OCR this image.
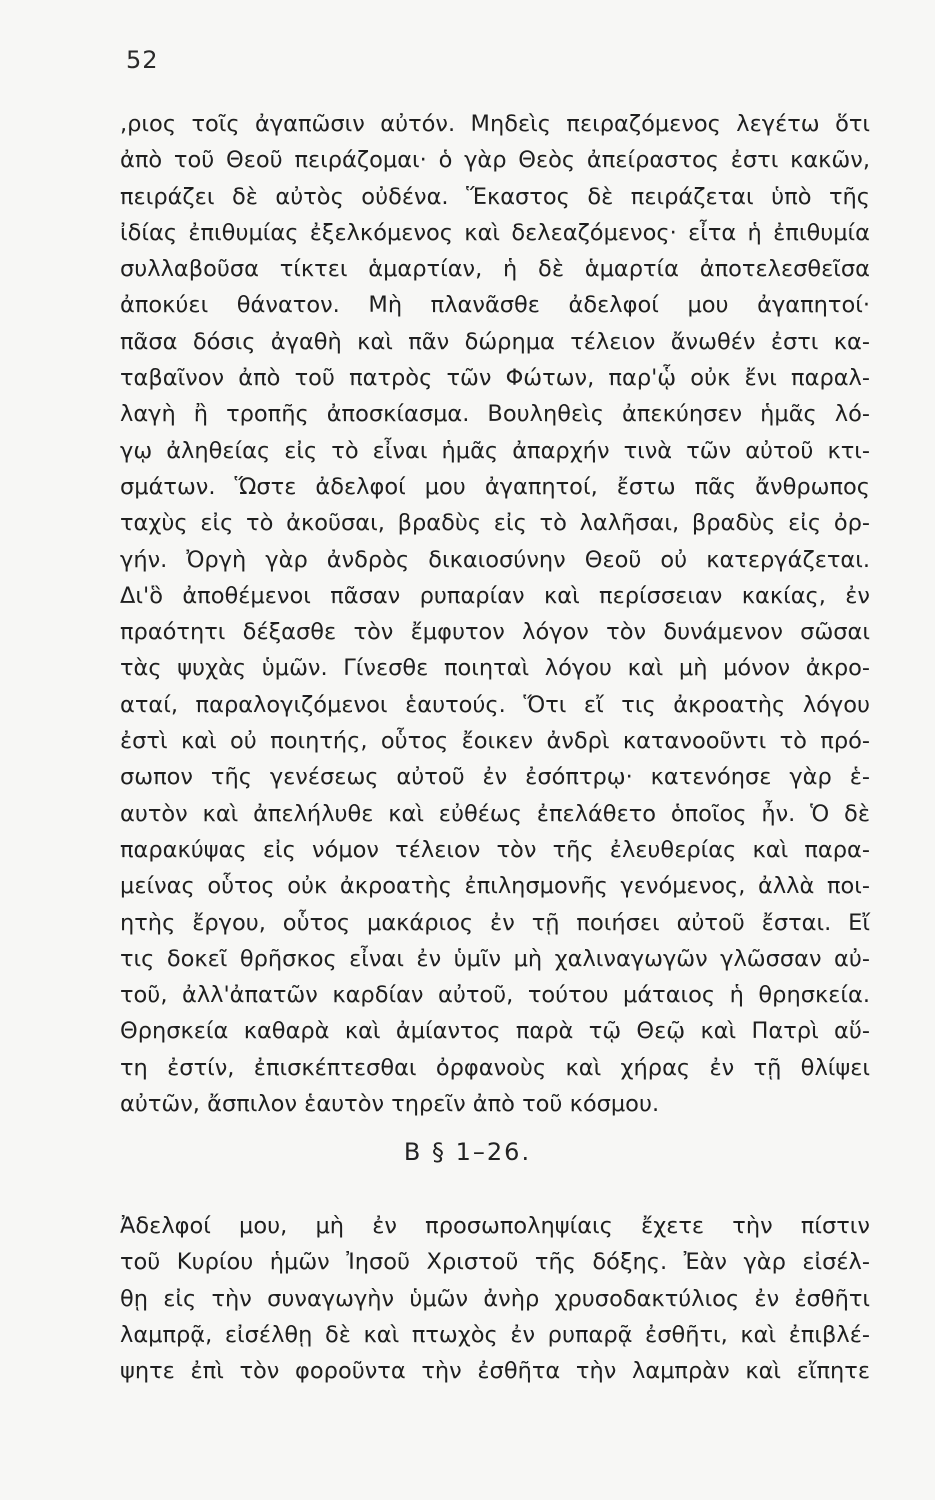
52
,ριος τοῖς ἀγαπῶσιν αὐτόν. Μηδεὶς πειραζόμενος λεγέτω ὅτι
ἀπὸ τοῦ Θεοῦ πειράζομαι· ὁ γὰρ Θεὸς ἀπείραστος ἐστι κακῶν,
πειράζει δὲ αὐτὸς οὐδένα. Ἕκαστος δὲ πειράζεται ὑπὸ τῆς
ἰδίας ἐπιθυμίας ἐξελκόμενος καὶ δελεαζόμενος· εἶτα ἡ ἐπιθυμία
συλλαβοῦσα τίκτει ἁμαρτίαν, ἡ δὲ ἁμαρτία ἀποτελεσθεῖσα
ἀποκύει θάνατον. Μὴ πλανᾶσθε ἀδελφοί μου ἀγαπητοί·
πᾶσα δόσις ἀγαθὴ καὶ πᾶν δώρημα τέλειον ἄνωθέν ἐστι κα-
ταβαῖνον ἀπὸ τοῦ πατρὸς τῶν Φώτων, παρ'ᾧ οὐκ ἔνι παραλ-
λαγὴ ἢ τροπῆς ἀποσκίασμα. Βουληθεὶς ἀπεκύησεν ἡμᾶς λό-
γῳ ἀληθείας εἰς τὸ εἶναι ἡμᾶς ἀπαρχήν τινὰ τῶν αὐτοῦ κτι-
σμάτων. Ὥστε ἀδελφοί μου ἀγαπητοί, ἔστω πᾶς ἄνθρωπος
ταχὺς εἰς τὸ ἀκοῦσαι, βραδὺς εἰς τὸ λαλῆσαι, βραδὺς εἰς ὀρ-
γήν. Ὀργὴ γὰρ ἀνδρὸς δικαιοσύνην Θεοῦ οὐ κατεργάζεται.
Δι'ὃ ἀποθέμενοι πᾶσαν ρυπαρίαν καὶ περίσσειαν κακίας, ἐν
πραότητι δέξασθε τὸν ἔμφυτον λόγον τὸν δυνάμενον σῶσαι
τὰς ψυχὰς ὑμῶν. Γίνεσθε ποιηταὶ λόγου καὶ μὴ μόνον ἀκρο-
αταί, παραλογιζόμενοι ἑαυτούς. Ὅτι εἴ τις ἀκροατὴς λόγου
ἐστὶ καὶ οὐ ποιητής, οὗτος ἔοικεν ἀνδρὶ κατανοοῦντι τὸ πρό-
σωπον τῆς γενέσεως αὐτοῦ ἐν ἐσόπτρῳ· κατενόησε γὰρ ἑ-
αυτὸν καὶ ἀπελήλυθε καὶ εὐθέως ἐπελάθετο ὁποῖος ἦν. Ὁ δὲ
παρακύψας εἰς νόμον τέλειον τὸν τῆς ἐλευθερίας καὶ παρα-
μείνας οὗτος οὐκ ἀκροατὴς ἐπιλησμονῆς γενόμενος, ἀλλὰ ποι-
ητὴς ἔργου, οὗτος μακάριος ἐν τῇ ποιήσει αὐτοῦ ἔσται. Εἴ
τις δοκεῖ θρῆσκος εἶναι ἐν ὑμῖν μὴ χαλιναγωγῶν γλῶσσαν αὐ-
τοῦ, ἀλλ'ἀπατῶν καρδίαν αὐτοῦ, τούτου μάταιος ἡ θρησκεία.
Θρησκεία καθαρὰ καὶ ἀμίαντος παρὰ τῷ Θεῷ καὶ Πατρὶ αὕ-
τη ἐστίν, ἐπισκέπτεσθαι ὀρφανοὺς καὶ χήρας ἐν τῇ θλίψει
αὐτῶν, ἄσπιλον ἑαυτὸν τηρεῖν ἀπὸ τοῦ κόσμου.
Β § 1–26.
Ἀδελφοί μου, μὴ ἐν προσωποληψίαις ἔχετε τὴν πίστιν
τοῦ Κυρίου ἡμῶν Ἰησοῦ Χριστοῦ τῆς δόξης. Ἐὰν γὰρ εἰσέλ-
θῃ εἰς τὴν συναγωγὴν ὑμῶν ἀνὴρ χρυσοδακτύλιος ἐν ἐσθῆτι
λαμπρᾷ, εἰσέλθῃ δὲ καὶ πτωχὸς ἐν ρυπαρᾷ ἐσθῆτι, καὶ ἐπιβλέ-
ψητε ἐπὶ τὸν φοροῦντα τὴν ἐσθῆτα τὴν λαμπρὰν καὶ εἴπητε
